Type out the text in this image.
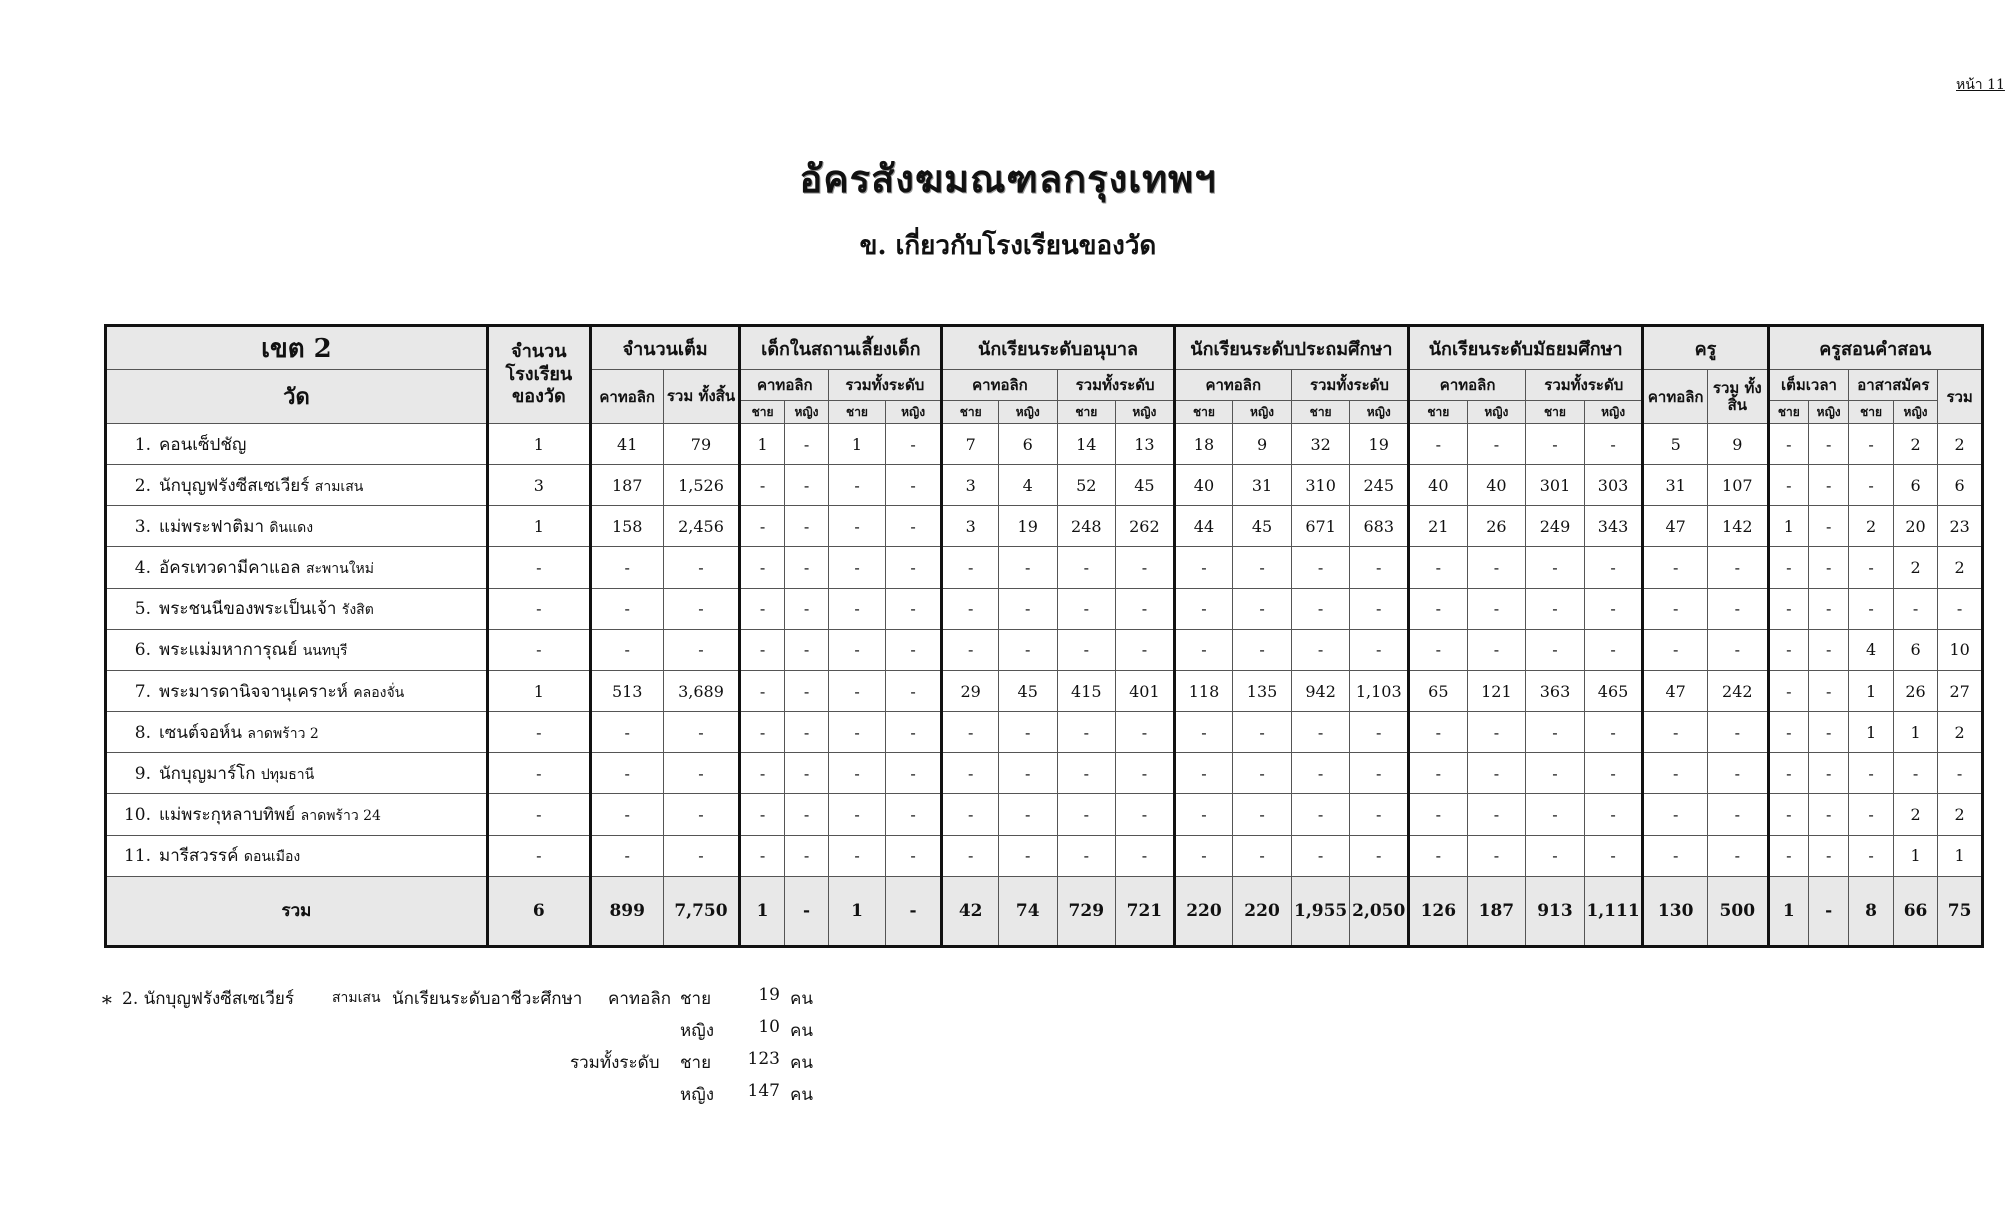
หน้า 11
อัครสังฆมณฑลกรุงเทพฯ
ข. เกี่ยวกับโรงเรียนของวัด
เขต 2	จำนวน โรงเรียน ของวัด	จำนวนเต็ม		เด็กในสถานเลี้ยงเด็ก				นักเรียนระดับอนุบาล				นักเรียนระดับประถมศึกษา				นักเรียนระดับมัธยมศึกษา				ครู		ครูสอนคำสอน				
วัด		คาทอลิก	รวม ทั้งสิ้น	คาทอลิก		รวมทั้งระดับ		คาทอลิก		รวมทั้งระดับ		คาทอลิก		รวมทั้งระดับ		คาทอลิก		รวมทั้งระดับ		คาทอลิก	รวม ทั้งสิ้น	เต็มเวลา		อาสาสมัคร		รวม
				ชาย	หญิง	ชาย	หญิง	ชาย	หญิง	ชาย	หญิง	ชาย	หญิง	ชาย	หญิง	ชาย	หญิง	ชาย	หญิง			ชาย	หญิง	ชาย	หญิง	
1. คอนเซ็ปชัญ	1	41	79	1	-	1	-	7	6	14	13	18	9	32	19	-	-	-	-	5	9	-	-	-	2	2
2. นักบุญฟรังซีสเซเวียร์ สามเสน	3	187	1,526	-	-	-	-	3	4	52	45	40	31	310	245	40	40	301	303	31	107	-	-	-	6	6
3. แม่พระฟาติมา ดินแดง	1	158	2,456	-	-	-	-	3	19	248	262	44	45	671	683	21	26	249	343	47	142	1	-	2	20	23
4. อัครเทวดามีคาแอล สะพานใหม่	-	-	-	-	-	-	-	-	-	-	-	-	-	-	-	-	-	-	-	-	-	-	-	-	2	2
5. พระชนนีของพระเป็นเจ้า รังสิต	-	-	-	-	-	-	-	-	-	-	-	-	-	-	-	-	-	-	-	-	-	-	-	-	-	-
6. พระแม่มหาการุณย์ นนทบุรี	-	-	-	-	-	-	-	-	-	-	-	-	-	-	-	-	-	-	-	-	-	-	-	4	6	10
7. พระมารดานิจจานุเคราะห์ คลองจั่น	1	513	3,689	-	-	-	-	29	45	415	401	118	135	942	1,103	65	121	363	465	47	242	-	-	1	26	27
8. เซนต์จอห์น ลาดพร้าว 2	-	-	-	-	-	-	-	-	-	-	-	-	-	-	-	-	-	-	-	-	-	-	-	1	1	2
9. นักบุญมาร์โก ปทุมธานี	-	-	-	-	-	-	-	-	-	-	-	-	-	-	-	-	-	-	-	-	-	-	-	-	-	-
10. แม่พระกุหลาบทิพย์ ลาดพร้าว 24	-	-	-	-	-	-	-	-	-	-	-	-	-	-	-	-	-	-	-	-	-	-	-	-	2	2
11. มารีสวรรค์ ดอนเมือง	-	-	-	-	-	-	-	-	-	-	-	-	-	-	-	-	-	-	-	-	-	-	-	-	1	1
รวม	6	899	7,750	1	-	1	-	42	74	729	721	220	220	1,955	2,050	126	187	913	1,111	130	500	1	-	8	66	75
∗ 2. นักบุญฟรังซีสเซเวียร์	สามเสน นักเรียนระดับอาชีวะศึกษา คาทอลิก ชาย	19 คน
หญิง	10 คน
รวมทั้งระดับ ชาย	123 คน
หญิง	147 คน
